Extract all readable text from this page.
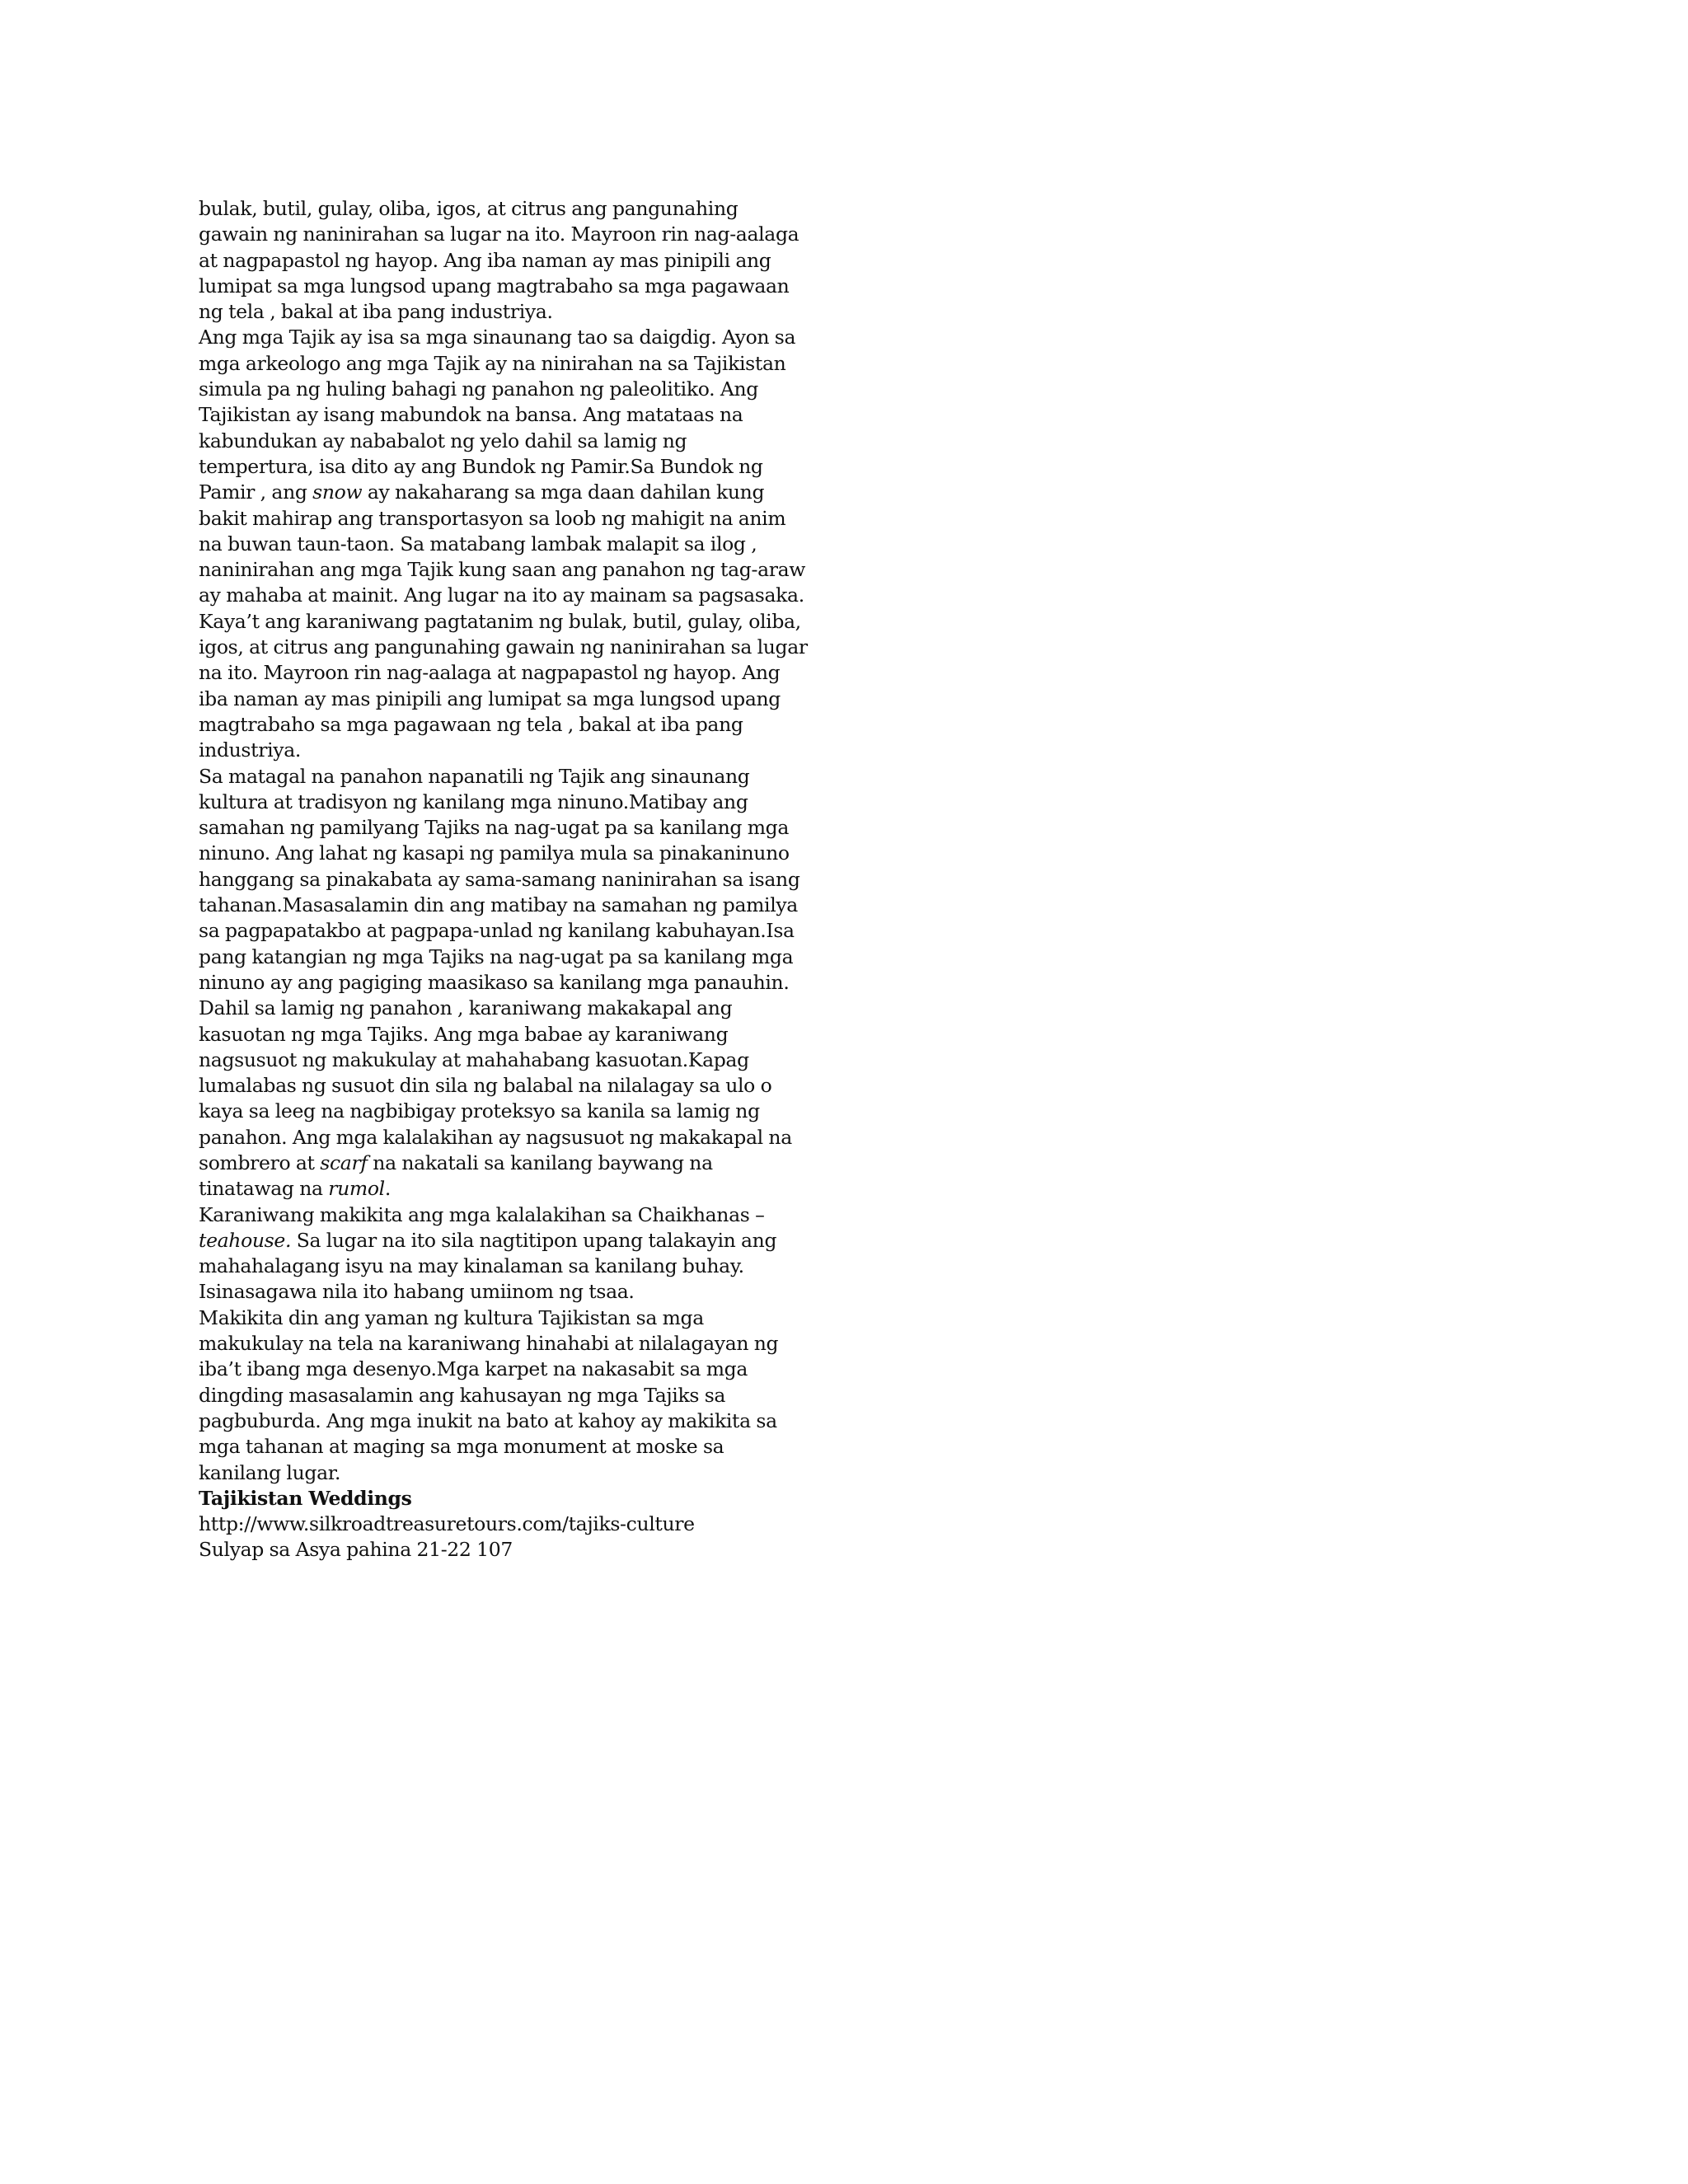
bulak, butil, gulay, oliba, igos, at citrus ang pangunahing
gawain ng naninirahan sa lugar na ito. Mayroon rin nag-aalaga
at nagpapastol ng hayop. Ang iba naman ay mas pinipili ang
lumipat sa mga lungsod upang magtrabaho sa mga pagawaan
ng tela , bakal at iba pang industriya.
Ang mga Tajik ay isa sa mga sinaunang tao sa daigdig. Ayon sa
mga arkeologo ang mga Tajik ay na ninirahan na sa Tajikistan
simula pa ng huling bahagi ng panahon ng paleolitiko. Ang
Tajikistan ay isang mabundok na bansa. Ang matataas na
kabundukan ay nababalot ng yelo dahil sa lamig ng
tempertura, isa dito ay ang Bundok ng Pamir.Sa Bundok ng
Pamir , ang snow ay nakaharang sa mga daan dahilan kung
bakit mahirap ang transportasyon sa loob ng mahigit na anim
na buwan taun-taon. Sa matabang lambak malapit sa ilog ,
naninirahan ang mga Tajik kung saan ang panahon ng tag-araw
ay mahaba at mainit. Ang lugar na ito ay mainam sa pagsasaka.
Kaya’t ang karaniwang pagtatanim ng bulak, butil, gulay, oliba,
igos, at citrus ang pangunahing gawain ng naninirahan sa lugar
na ito. Mayroon rin nag-aalaga at nagpapastol ng hayop. Ang
iba naman ay mas pinipili ang lumipat sa mga lungsod upang
magtrabaho sa mga pagawaan ng tela , bakal at iba pang
industriya.
Sa matagal na panahon napanatili ng Tajik ang sinaunang
kultura at tradisyon ng kanilang mga ninuno.Matibay ang
samahan ng pamilyang Tajiks na nag-ugat pa sa kanilang mga
ninuno. Ang lahat ng kasapi ng pamilya mula sa pinakaninuno
hanggang sa pinakabata ay sama-samang naninirahan sa isang
tahanan.Masasalamin din ang matibay na samahan ng pamilya
sa pagpapatakbo at pagpapa-unlad ng kanilang kabuhayan.Isa
pang katangian ng mga Tajiks na nag-ugat pa sa kanilang mga
ninuno ay ang pagiging maasikaso sa kanilang mga panauhin.
Dahil sa lamig ng panahon , karaniwang makakapal ang
kasuotan ng mga Tajiks. Ang mga babae ay karaniwang
nagsusuot ng makukulay at mahahabang kasuotan.Kapag
lumalabas ng susuot din sila ng balabal na nilalagay sa ulo o
kaya sa leeg na nagbibigay proteksyo sa kanila sa lamig ng
panahon. Ang mga kalalakihan ay nagsusuot ng makakapal na
sombrero at scarf na nakatali sa kanilang baywang na
tinatawag na rumol.
Karaniwang makikita ang mga kalalakihan sa Chaikhanas –
teahouse. Sa lugar na ito sila nagtitipon upang talakayin ang
mahahalagang isyu na may kinalaman sa kanilang buhay.
Isinasagawa nila ito habang umiinom ng tsaa.
Makikita din ang yaman ng kultura Tajikistan sa mga
makukulay na tela na karaniwang hinahabi at nilalagayan ng
iba’t ibang mga desenyo.Mga karpet na nakasabit sa mga
dingding masasalamin ang kahusayan ng mga Tajiks sa
pagbuburda. Ang mga inukit na bato at kahoy ay makikita sa
mga tahanan at maging sa mga monument at moske sa
kanilang lugar.
Tajikistan Weddings
http://www.silkroadtreasuretours.com/tajiks-culture
Sulyap sa Asya pahina 21-22 107
